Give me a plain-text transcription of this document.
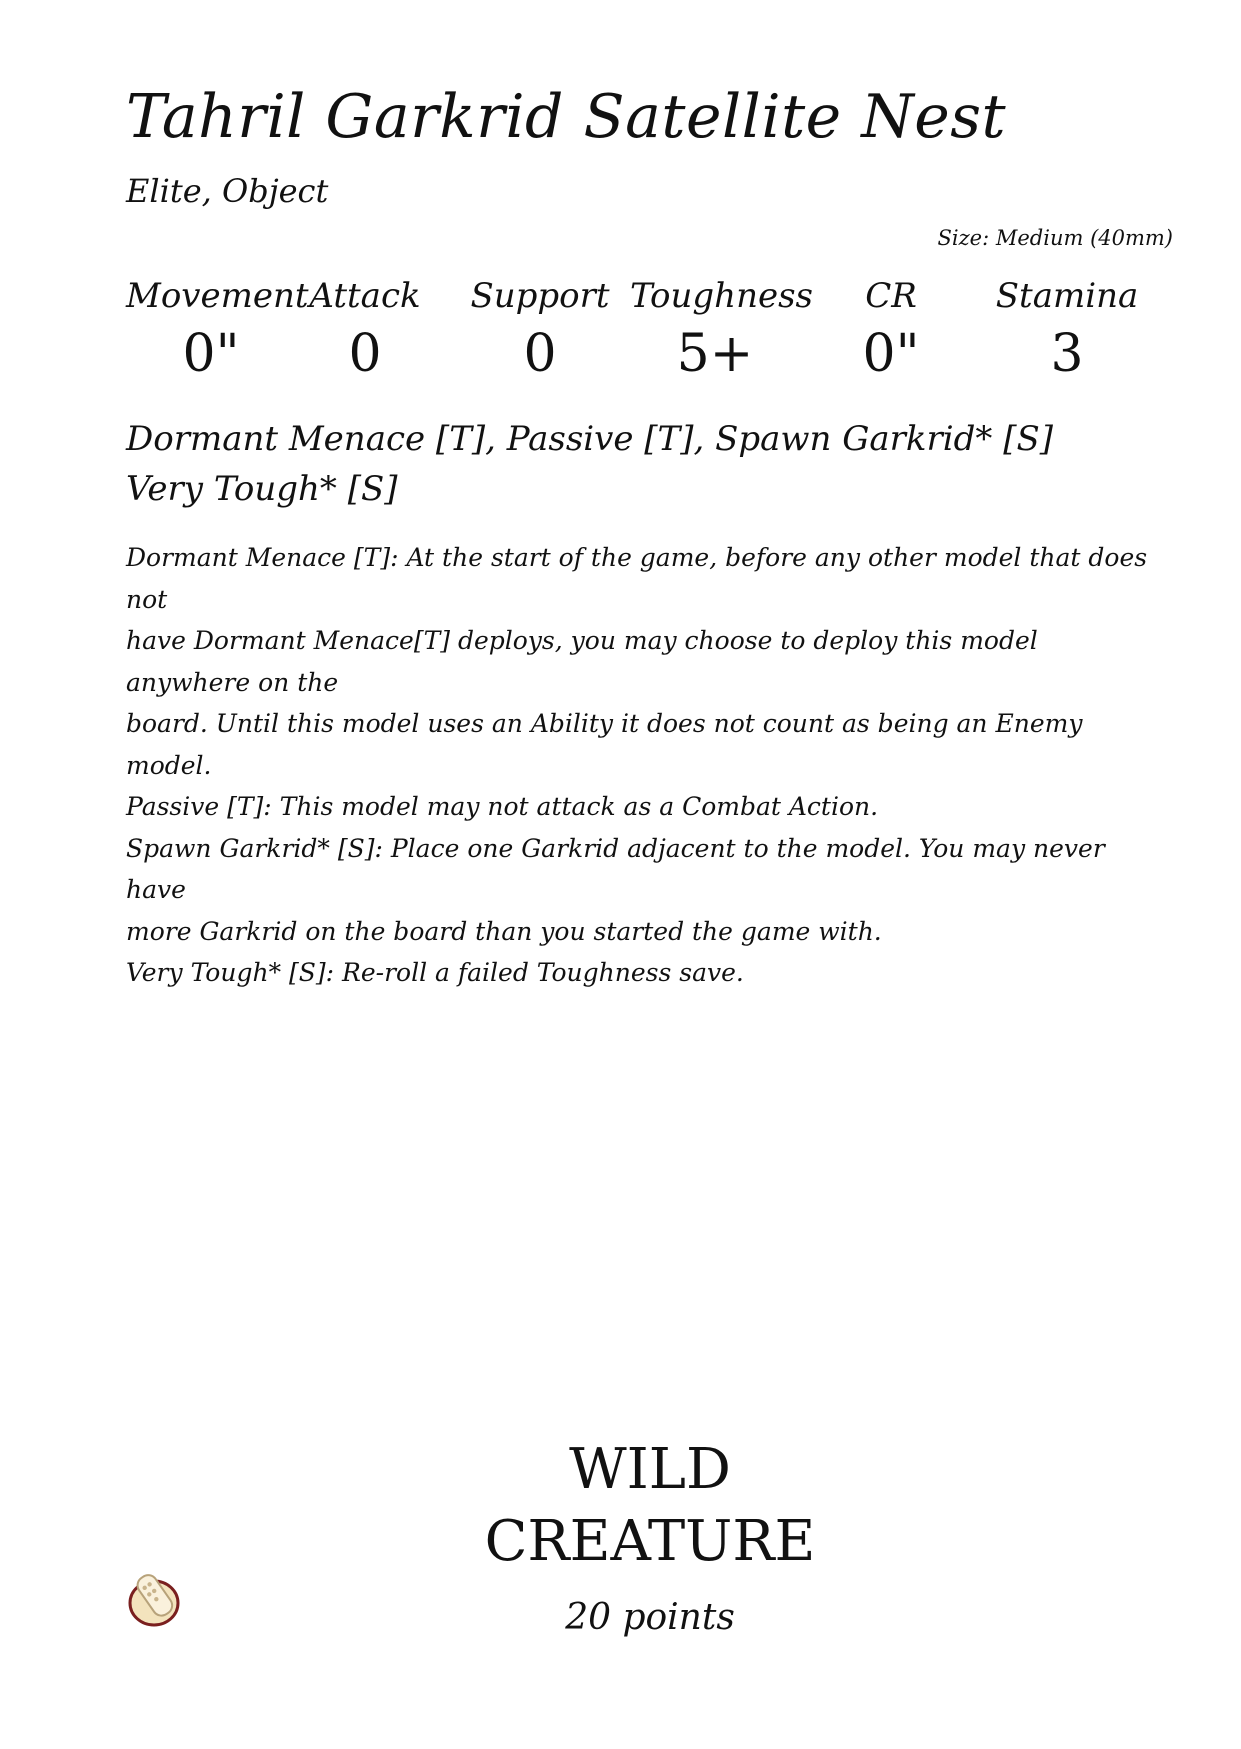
Tahril Garkrid Satellite Nest
Elite, Object
Size: Medium (40mm)
Movement
0"
Attack
0
Support
0
Toughness
5+
CR
0"
Stamina
3
Dormant Menace [T], Passive [T], Spawn Garkrid* [S]
Very Tough* [S]
Dormant Menace [T]: At the start of the game, before any other model that does not
have Dormant Menace[T] deploys, you may choose to deploy this model anywhere on the
board. Until this model uses an Ability it does not count as being an Enemy model.
Passive [T]: This model may not attack as a Combat Action.
Spawn Garkrid* [S]: Place one Garkrid adjacent to the model. You may never have
more Garkrid on the board than you started the game with.
Very Tough* [S]: Re-roll a failed Toughness save.
WILD
CREATURE
20 points
